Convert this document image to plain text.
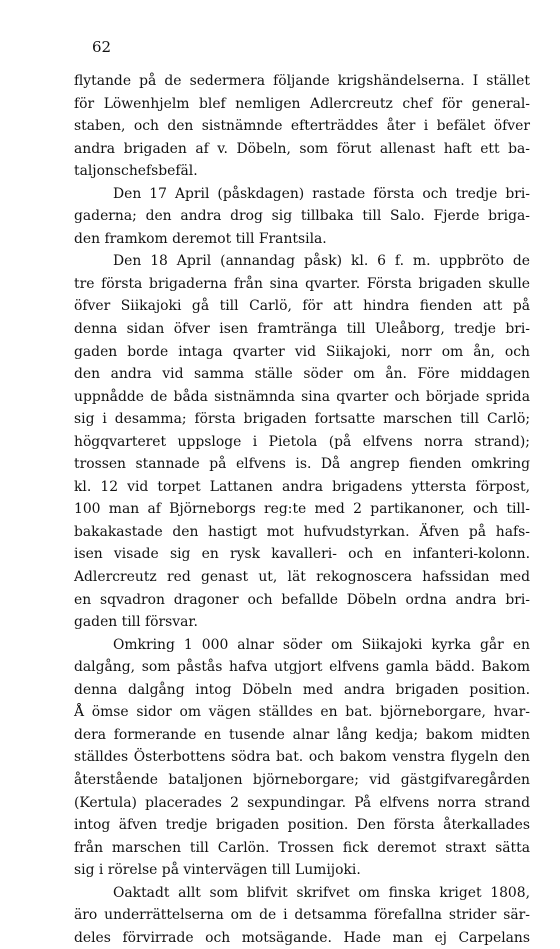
62
flytande på de sedermera följande krigshändelserna. I stället
för Löwenhjelm blef nemligen Adlercreutz chef för general-
staben, och den sistnämnde efterträddes åter i befälet öfver
andra brigaden af v. Döbeln, som förut allenast haft ett ba-
taljonschefsbefäl.
Den 17 April (påskdagen) rastade första och tredje bri-
gaderna; den andra drog sig tillbaka till Salo. Fjerde briga-
den framkom deremot till Frantsila.
Den 18 April (annandag påsk) kl. 6 f. m. uppbröto de
tre första brigaderna från sina qvarter. Första brigaden skulle
öfver Siikajoki gå till Carlö, för att hindra fienden att på
denna sidan öfver isen framtränga till Uleåborg, tredje bri-
gaden borde intaga qvarter vid Siikajoki, norr om ån, och
den andra vid samma ställe söder om ån. Före middagen
uppnådde de båda sistnämnda sina qvarter och började sprida
sig i desamma; första brigaden fortsatte marschen till Carlö;
högqvarteret uppsloge i Pietola (på elfvens norra strand);
trossen stannade på elfvens is. Då angrep fienden omkring
kl. 12 vid torpet Lattanen andra brigadens yttersta förpost,
100 man af Björneborgs reg:te med 2 partikanoner, och till-
bakakastade den hastigt mot hufvudstyrkan. Äfven på hafs-
isen visade sig en rysk kavalleri- och en infanteri-kolonn.
Adlercreutz red genast ut, lät rekognoscera hafssidan med
en sqvadron dragoner och befallde Döbeln ordna andra bri-
gaden till försvar.
Omkring 1 000 alnar söder om Siikajoki kyrka går en
dalgång, som påstås hafva utgjort elfvens gamla bädd. Bakom
denna dalgång intog Döbeln med andra brigaden position.
Å ömse sidor om vägen ställdes en bat. björneborgare, hvar-
dera formerande en tusende alnar lång kedja; bakom midten
ställdes Österbottens södra bat. och bakom venstra flygeln den
återstående bataljonen björneborgare; vid gästgifvaregården
(Kertula) placerades 2 sexpundingar. På elfvens norra strand
intog äfven tredje brigaden position. Den första återkallades
från marschen till Carlön. Trossen fick deremot straxt sätta
sig i rörelse på vintervägen till Lumijoki.
Oaktadt allt som blifvit skrifvet om finska kriget 1808,
äro underrättelserna om de i detsamma förefallna strider sär-
deles förvirrade och motsägande. Hade man ej Carpelans
